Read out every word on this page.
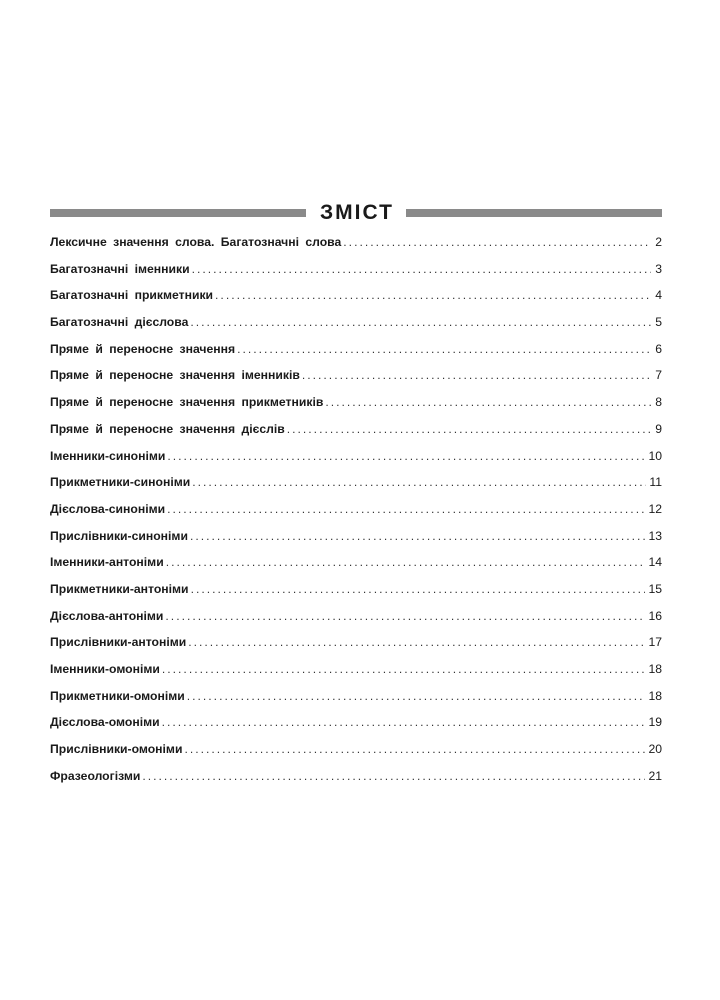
ЗМІСТ
Лексичне значення слова. Багатозначні слова .....	2
Багатозначні іменники .....	3
Багатозначні прикметники .....	4
Багатозначні дієслова .....	5
Пряме й переносне значення .....	6
Пряме й переносне значення іменників .....	7
Пряме й переносне значення прикметників .....	8
Пряме й переносне значення дієслів .....	9
Іменники-синоніми .....	10
Прикметники-синоніми .....	11
Дієслова-синоніми .....	12
Прислівники-синоніми .....	13
Іменники-антоніми .....	14
Прикметники-антоніми .....	15
Дієслова-антоніми .....	16
Прислівники-антоніми .....	17
Іменники-омоніми .....	18
Прикметники-омоніми .....	18
Дієслова-омоніми .....	19
Прислівники-омоніми .....	20
Фразеологізми .....	21
